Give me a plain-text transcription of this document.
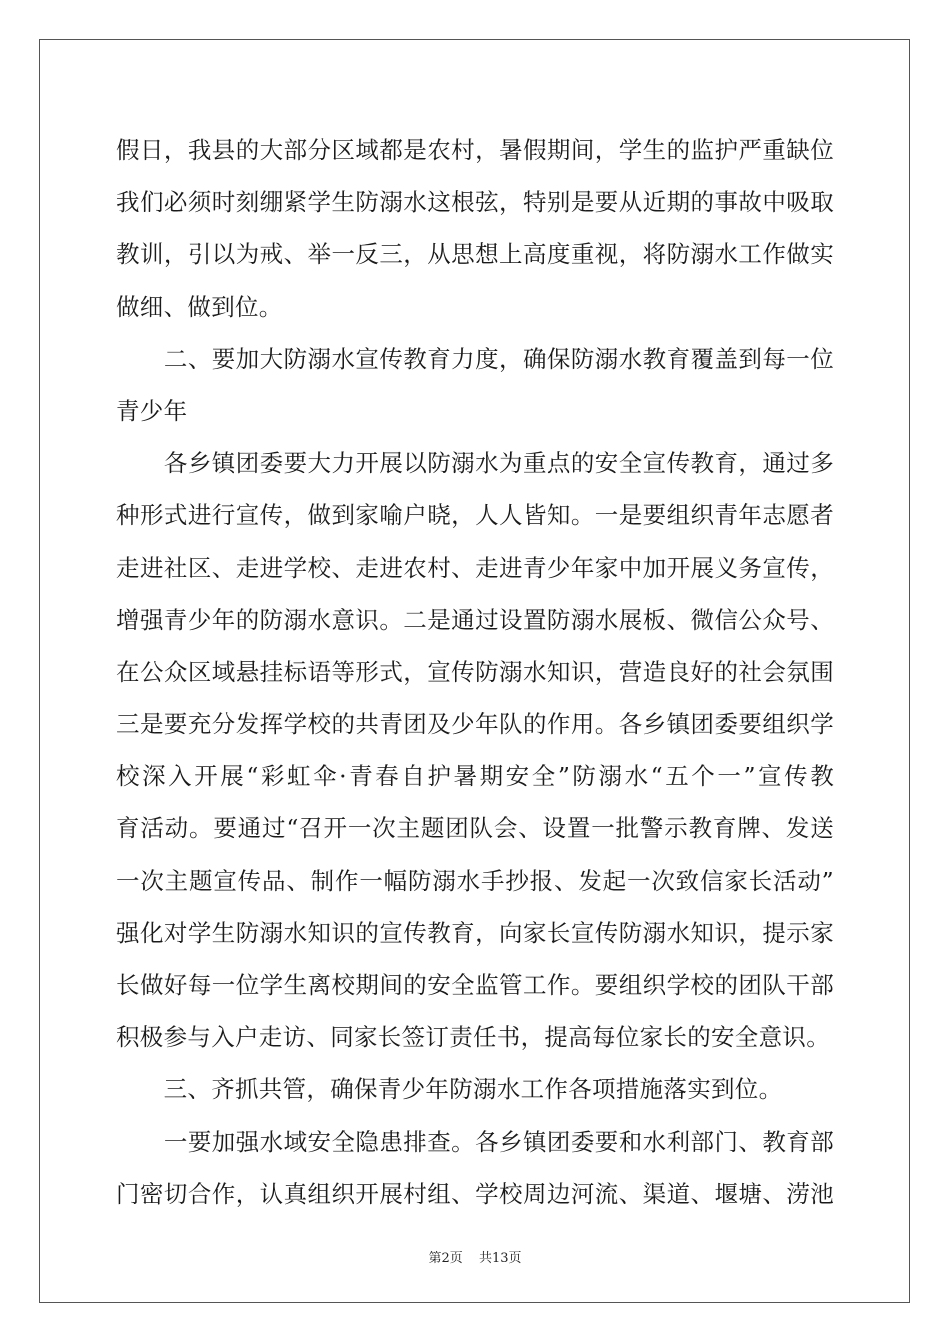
假日，我县的大部分区域都是农村，暑假期间，学生的监护严重缺位
我们必须时刻绷紧学生防溺水这根弦，特别是要从近期的事故中吸取
教训，引以为戒、举一反三，从思想上高度重视，将防溺水工作做实
做细、做到位。
　　二、要加大防溺水宣传教育力度，确保防溺水教育覆盖到每一位
青少年
　　各乡镇团委要大力开展以防溺水为重点的安全宣传教育，通过多
种形式进行宣传，做到家喻户晓，人人皆知。一是要组织青年志愿者
走进社区、走进学校、走进农村、走进青少年家中加开展义务宣传，
增强青少年的防溺水意识。二是通过设置防溺水展板、微信公众号、
在公众区域悬挂标语等形式，宣传防溺水知识，营造良好的社会氛围
三是要充分发挥学校的共青团及少年队的作用。各乡镇团委要组织学
校深入开展“彩虹伞·青春自护暑期安全”防溺水“五个一”宣传教
育活动。要通过“召开一次主题团队会、设置一批警示教育牌、发送
一次主题宣传品、制作一幅防溺水手抄报、发起一次致信家长活动”
强化对学生防溺水知识的宣传教育，向家长宣传防溺水知识，提示家
长做好每一位学生离校期间的安全监管工作。要组织学校的团队干部
积极参与入户走访、同家长签订责任书，提高每位家长的安全意识。
　　三、齐抓共管，确保青少年防溺水工作各项措施落实到位。
　　一要加强水域安全隐患排查。各乡镇团委要和水利部门、教育部
门密切合作，认真组织开展村组、学校周边河流、渠道、堰塘、涝池
第2页 共13页
